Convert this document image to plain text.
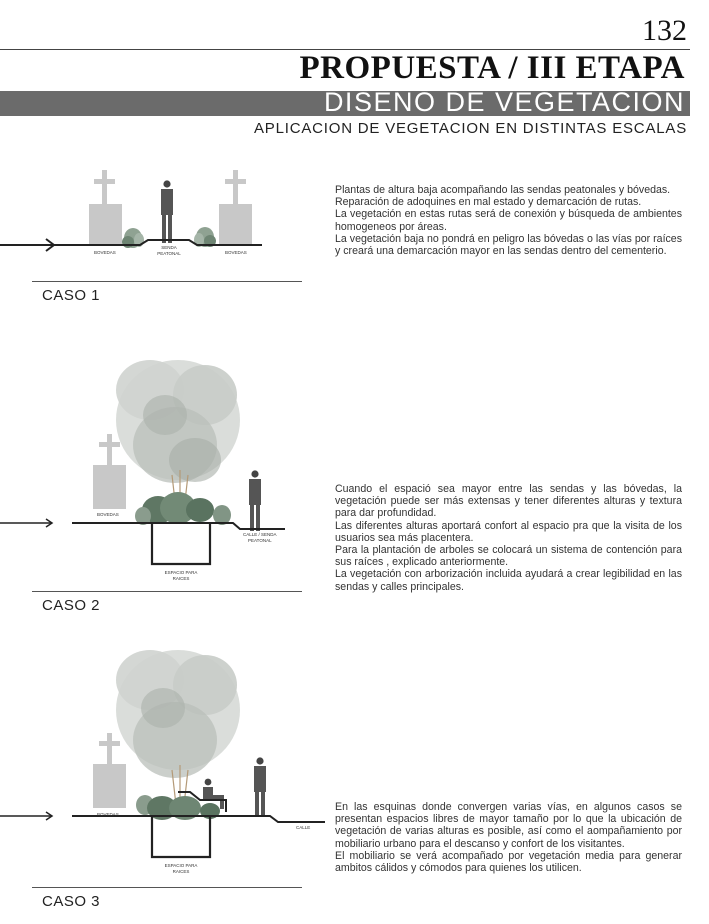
132
PROPUESTA / III ETAPA
DISEÑO DE VEGETACIÓN
APLICACION DE VEGETACION EN DISTINTAS ESCALAS
BOVEDAS
SENDA
PEATONAL	BOVEDAS
CASO 1
Plantas de altura baja acompañando las sendas peatonales y bóvedas.
Reparación de adoquines en mal estado y demarcación de rutas.
La vegetación en estas rutas será de conexión y búsqueda de ambientes homogeneos por áreas.
La vegetación baja no pondrá en peligro las bóvedas o las vías por raíces y creará una demarcación mayor en las sendas dentro del cementerio.
BOVEDAS
CALLE / SENDA
PEATONAL
ESPACIO PARA
RAICES
CASO 2
Cuando el espació sea mayor entre las sendas y las bóvedas, la vegetación puede ser más extensas y tener diferentes alturas y textura para dar profundidad.
Las diferentes alturas aportará confort al espacio pra que la visita de los usuarios sea más placentera.
Para la plantación de arboles se colocará un sistema de contención para sus raíces , explicado anteriormente.
La vegetación con arborización incluida ayudará a crear legibilidad en las sendas y calles principales.
BOVEDAS
CALLE
ESPACIO PARA
RAICES
CASO 3
En las esquinas donde convergen varias vías, en algunos casos se presentan espacios libres de mayor tamaño por lo que la ubicación de vegetación de varias alturas es posible, así como el aompañamiento por mobiliario urbano para el descanso y confort de los visitantes.
El mobiliario se verá acompañado por vegetación media para generar ambitos cálidos y cómodos para quienes los utilicen.
